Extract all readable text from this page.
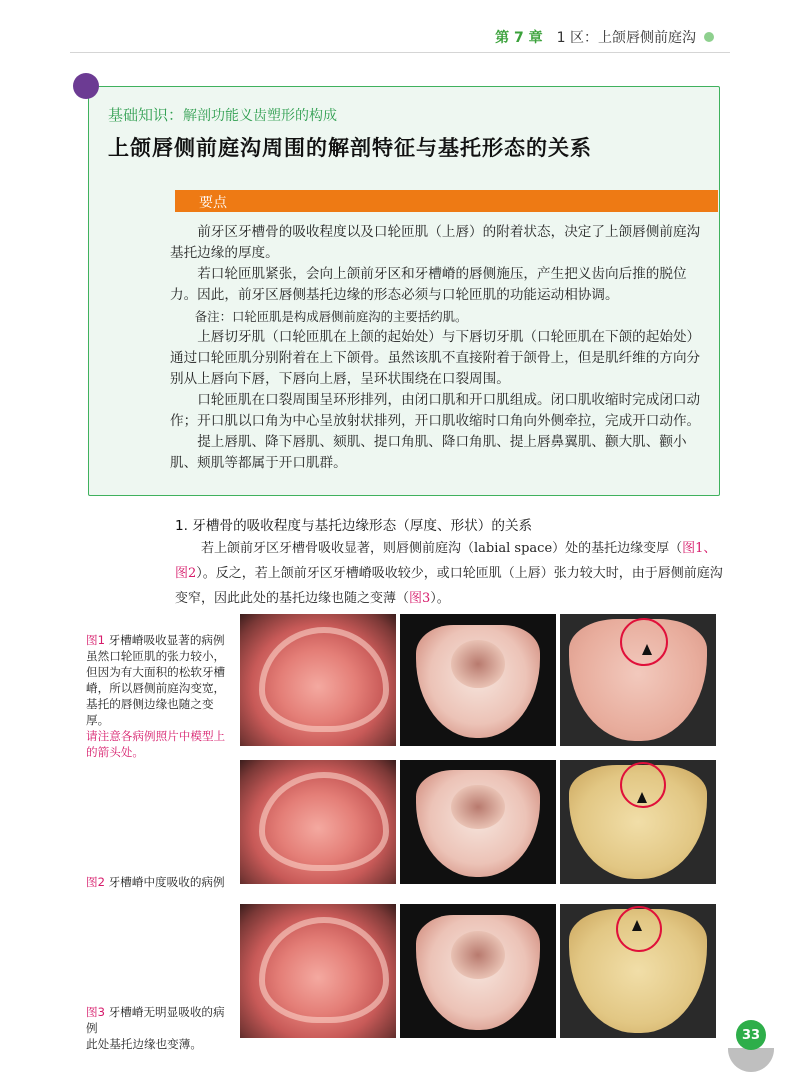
第 7 章 1 区：上颌唇侧前庭沟
基础知识：解剖功能义齿塑形的构成
上颌唇侧前庭沟周围的解剖特征与基托形态的关系
要点

前牙区牙槽骨的吸收程度以及口轮匝肌（上唇）的附着状态，决定了上颌唇侧前庭沟基托边缘的厚度。

若口轮匝肌紧张，会向上颌前牙区和牙槽嵴的唇侧施压，产生把义齿向后推的脱位力。因此，前牙区唇侧基托边缘的形态必须与口轮匝肌的功能运动相协调。

备注：口轮匝肌是构成唇侧前庭沟的主要括约肌。

上唇切牙肌（口轮匝肌在上颌的起始处）与下唇切牙肌（口轮匝肌在下颌的起始处）通过口轮匝肌分别附着在上下颌骨。虽然该肌不直接附着于颌骨上，但是肌纤维的方向分别从上唇向下唇，下唇向上唇，呈环状围绕在口裂周围。

口轮匝肌在口裂周围呈环形排列，由闭口肌和开口肌组成。闭口肌收缩时完成闭口动作；开口肌以口角为中心呈放射状排列，开口肌收缩时口角向外侧牵拉，完成开口动作。

提上唇肌、降下唇肌、颏肌、提口角肌、降口角肌、提上唇鼻翼肌、颧大肌、颧小肌、颊肌等都属于开口肌群。

1. 牙槽骨的吸收程度与基托边缘形态（厚度、形状）的关系
若上颌前牙区牙槽骨吸收显著，则唇侧前庭沟（labial space）处的基托边缘变厚（图1、图2）。反之，若上颌前牙区牙槽嵴吸收较少，或口轮匝肌（上唇）张力较大时，由于唇侧前庭沟变窄，因此此处的基托边缘也随之变薄（图3）。
图1 牙槽嵴吸收显著的病例
虽然口轮匝肌的张力较小，但因为有大面积的松软牙槽嵴，所以唇侧前庭沟变宽，基托的唇侧边缘也随之变厚。
请注意各病例照片中模型上的箭头处。
图2 牙槽嵴中度吸收的病例
图3 牙槽嵴无明显吸收的病例
此处基托边缘也变薄。
33
